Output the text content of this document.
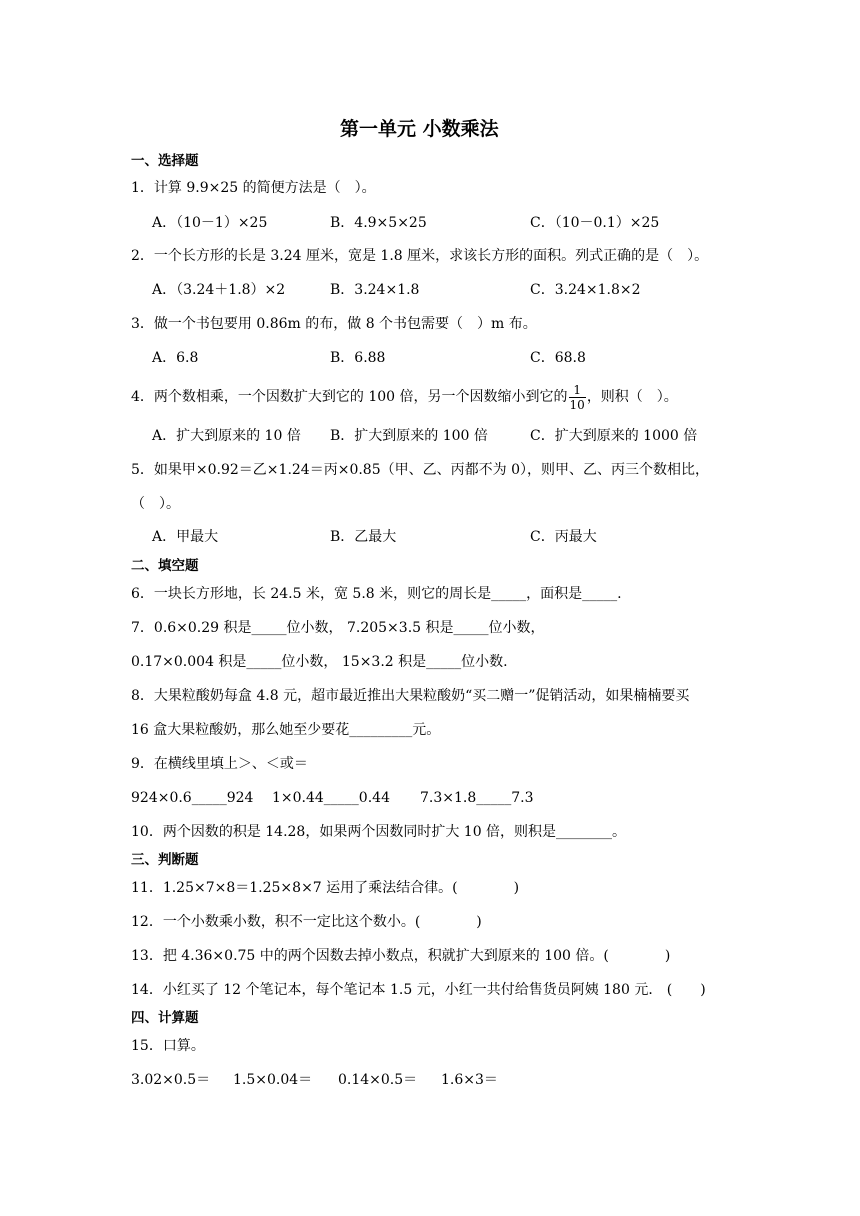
第一单元 小数乘法
一、选择题
1．计算 9.9×25 的简便方法是（　）。
A．（10－1）×25	B．4.9×5×25	C．（10－0.1）×25
2．一个长方形的长是 3.24 厘米，宽是 1.8 厘米，求该长方形的面积。列式正确的是（　）。
A．（3.24＋1.8）×2	B．3.24×1.8	C．3.24×1.8×2
3．做一个书包要用 0.86m 的布，做 8 个书包需要（　）m 布。
A．6.8	B．6.88	C．68.8
4．两个数相乘，一个因数扩大到它的 100 倍，另一个因数缩小到它的 $\frac{1}{10}$ ，则积（　）。
A．扩大到原来的 10 倍 B．扩大到原来的 100 倍	C．扩大到原来的 1000 倍
5．如果甲×0.92＝乙×1.24＝丙×0.85（甲、乙、丙都不为 0），则甲、乙、丙三个数相比，
（　）。
A．甲最大	B．乙最大	C．丙最大
二、填空题
6．一块长方形地，长 24.5 米，宽 5.8 米，则它的周长是_____，面积是_____.
7．0.6×0.29 积是_____位小数， 7.205×3.5 积是_____位小数，
0.17×0.004 积是_____位小数， 15×3.2 积是_____位小数.
8．大果粒酸奶每盒 4.8 元，超市最近推出大果粒酸奶“买二赠一”促销活动，如果楠楠要买
16 盒大果粒酸奶，那么她至少要花_________元。
9．在横线里填上＞、＜或＝
924×0.6_____924 1×0.44_____0.44 7.3×1.8_____7.3
10．两个因数的积是 14.28，如果两个因数同时扩大 10 倍，则积是________。
三、判断题
11．1.25×7×8＝1.25×8×7 运用了乘法结合律。(　　　　)
12．一个小数乘小数，积不一定比这个数小。(　　　　)
13．把 4.36×0.75 中的两个因数去掉小数点，积就扩大到原来的 100 倍。(　　　　)
14．小红买了 12 个笔记本，每个笔记本 1.5 元，小红一共付给售货员阿姨 180 元． (　　)
四、计算题
15．口算。
3.02×0.5＝ 1.5×0.04＝ 0.14×0.5＝ 1.6×3＝
